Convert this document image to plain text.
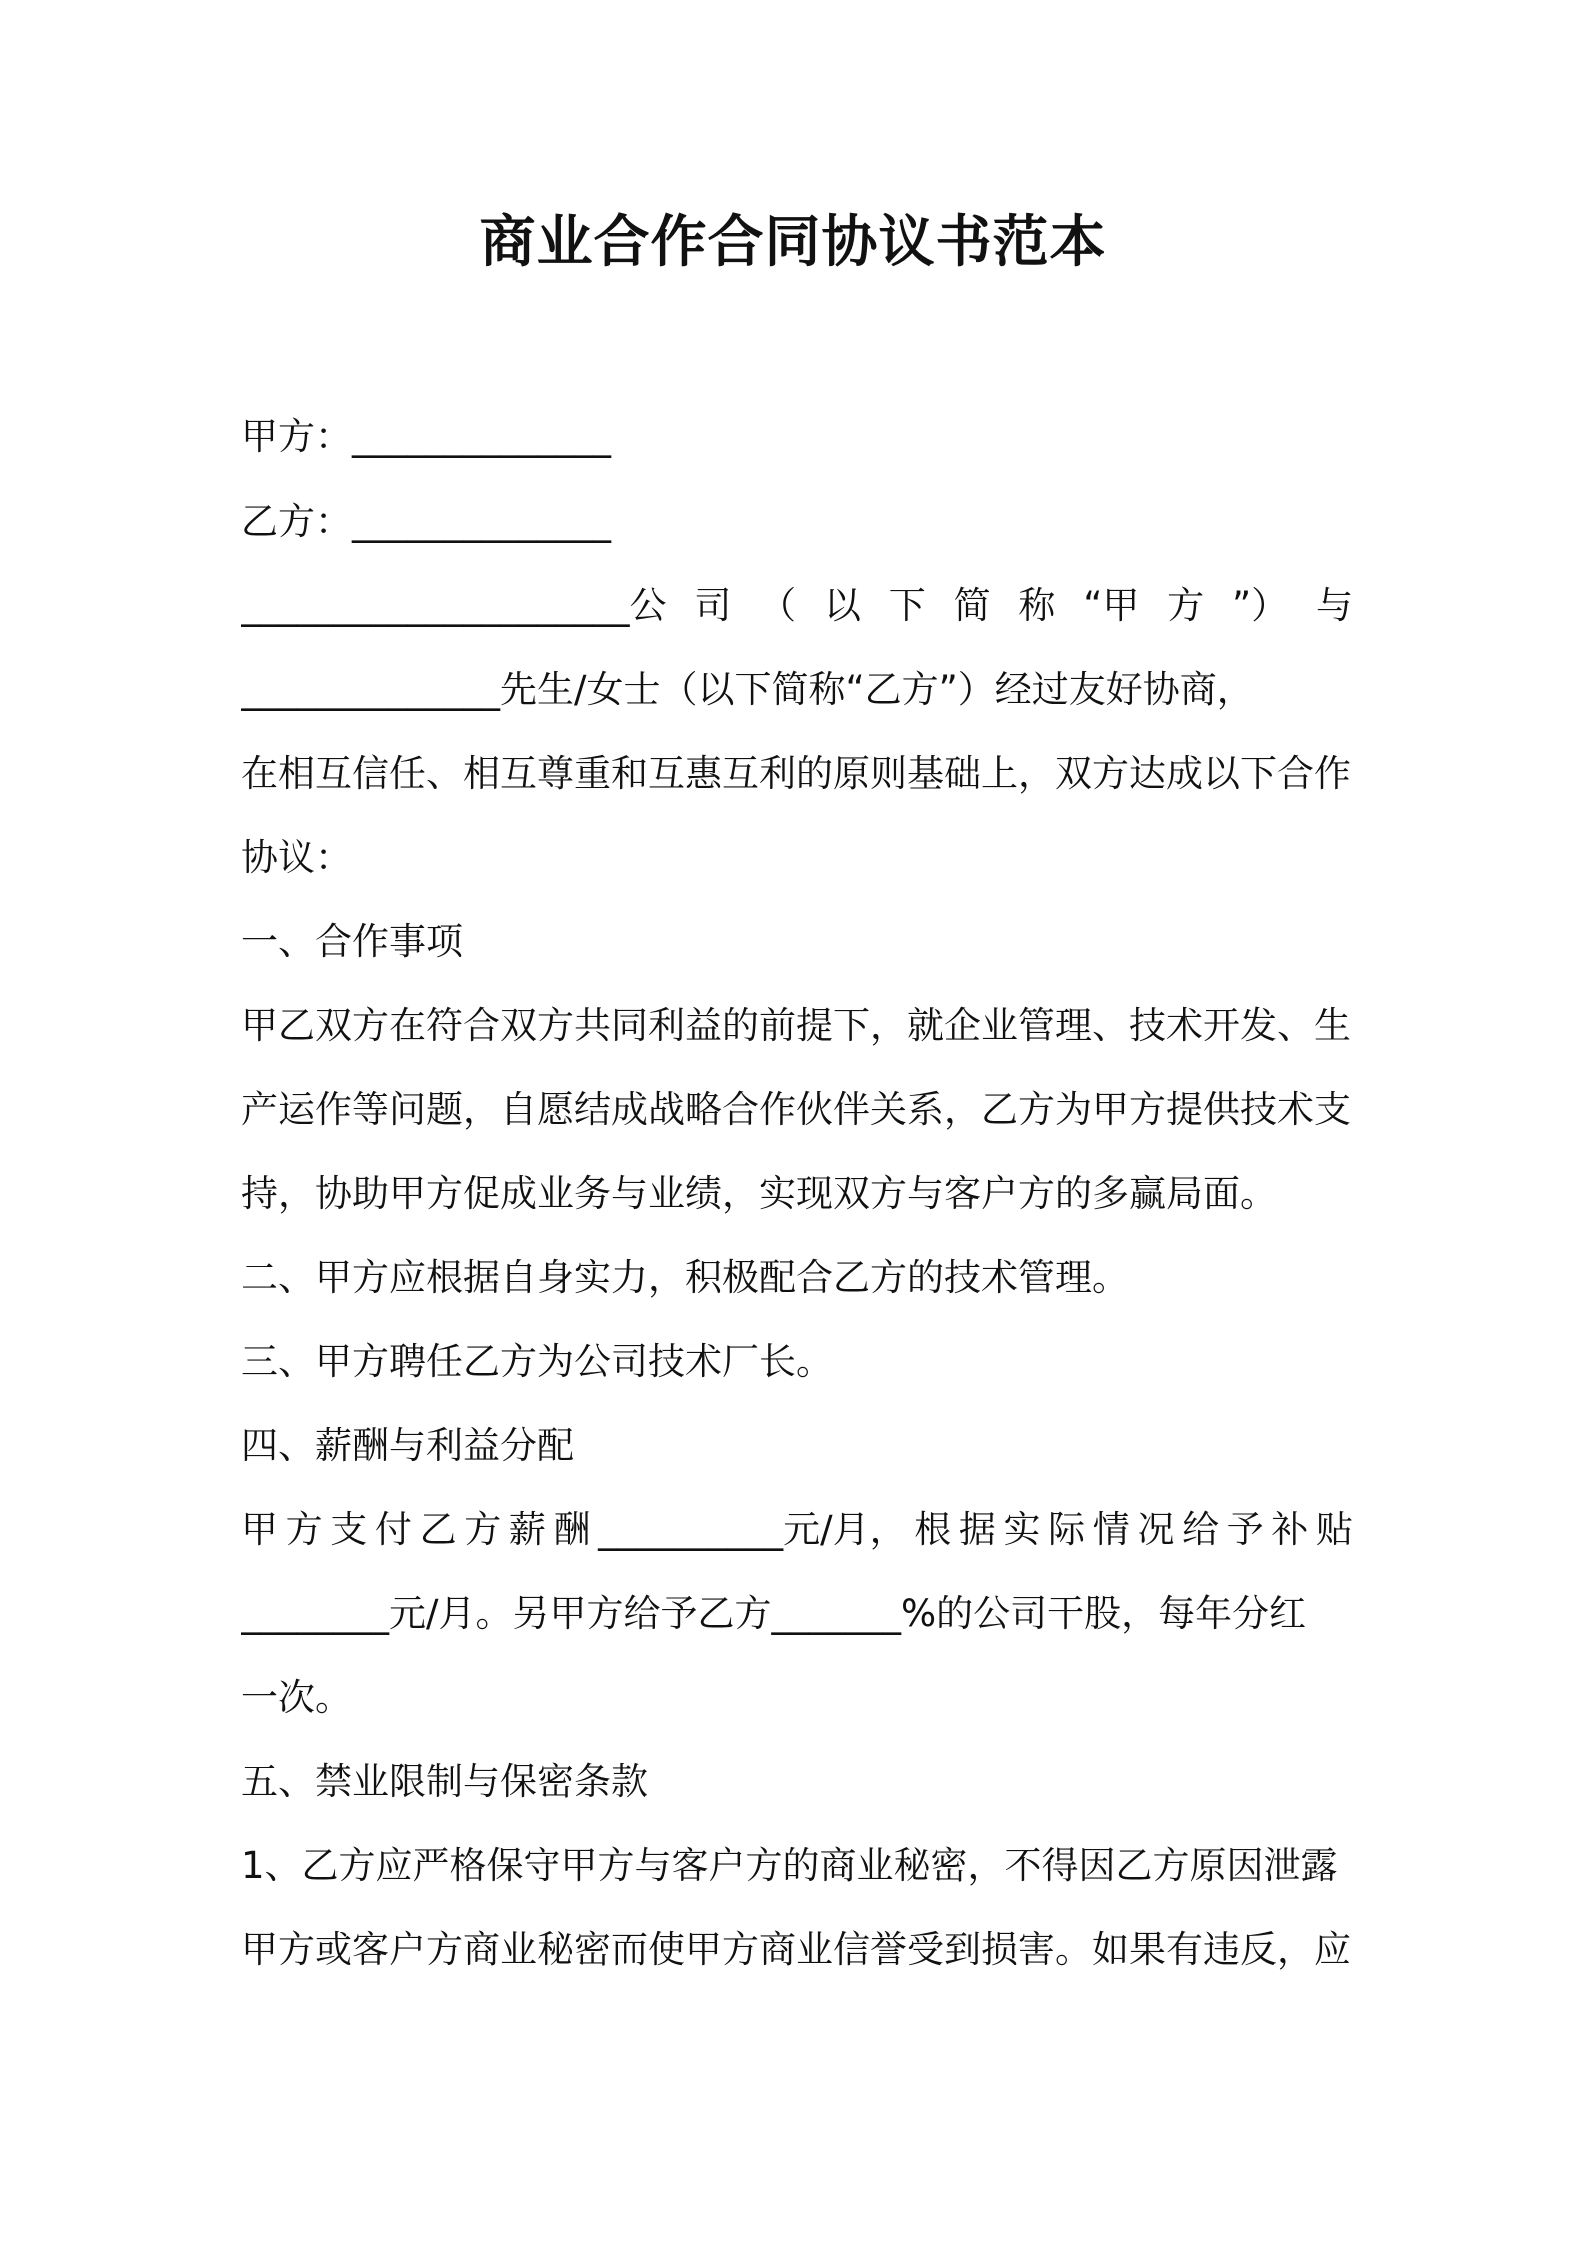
商业合作合同协议书范本
甲方：______________
乙方：______________
_____________________公 司 （ 以 下 简 称 “甲 方 ”） 与
______________先生/女士（以下简称“乙方”）经过友好协商，
在相互信任、相互尊重和互惠互利的原则基础上，双方达成以下合作
协议：
一、合作事项
甲乙双方在符合双方共同利益的前提下，就企业管理、技术开发、生
产运作等问题，自愿结成战略合作伙伴关系，乙方为甲方提供技术支
持，协助甲方促成业务与业绩，实现双方与客户方的多赢局面。
二、甲方应根据自身实力，积极配合乙方的技术管理。
三、甲方聘任乙方为公司技术厂长。
四、薪酬与利益分配
甲 方 支 付 乙 方 薪 酬 __________元/月， 根 据 实 际 情 况 给 予 补 贴
________元/月。另甲方给予乙方_______%的公司干股，每年分红
一次。
五、禁业限制与保密条款
1、乙方应严格保守甲方与客户方的商业秘密，不得因乙方原因泄露
甲方或客户方商业秘密而使甲方商业信誉受到损害。如果有违反，应
